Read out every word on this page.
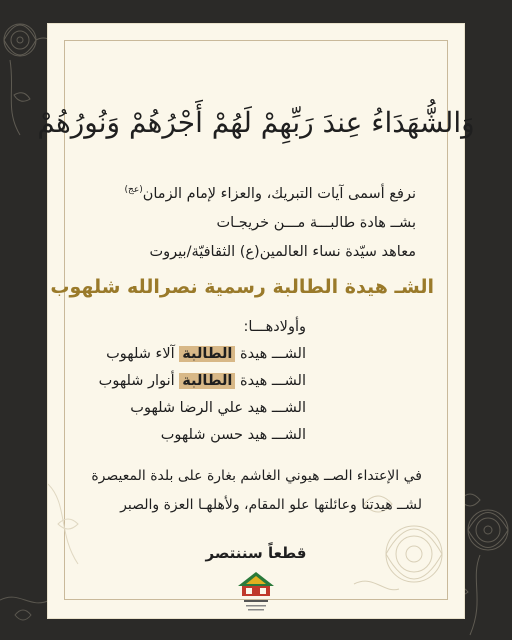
وَالشُّهَدَاءُ عِندَ رَبِّهِمْ لَهُمْ أَجْرُهُمْ وَنُورُهُمْ
نرفع أسمى آيات التبريك، والعزاء لإمام الزمان$^{(عج)}$
بشــ هادة طالبـــة مـــن خريجـات
معاهد سيّدة نساء العالمين(ع) الثقافيّة/بيروت
الشـ هيدة الطالبة رسمية نصرالله شلهوب
وأولادهـــا:
الشـــ هيدة الطالبة آلاء شلهوب
الشـــ هيدة الطالبة أنوار شلهوب
الشـــ هيد علي الرضا شلهوب
الشـــ هيد حسن شلهوب
في الإعتداء الصــ هيوني الغاشم بغارة على بلدة المعيصرة
لشــ هيدتنا وعائلتها علو المقام، ولأهلهـا العزة والصبر
قطعاً سننتصر
